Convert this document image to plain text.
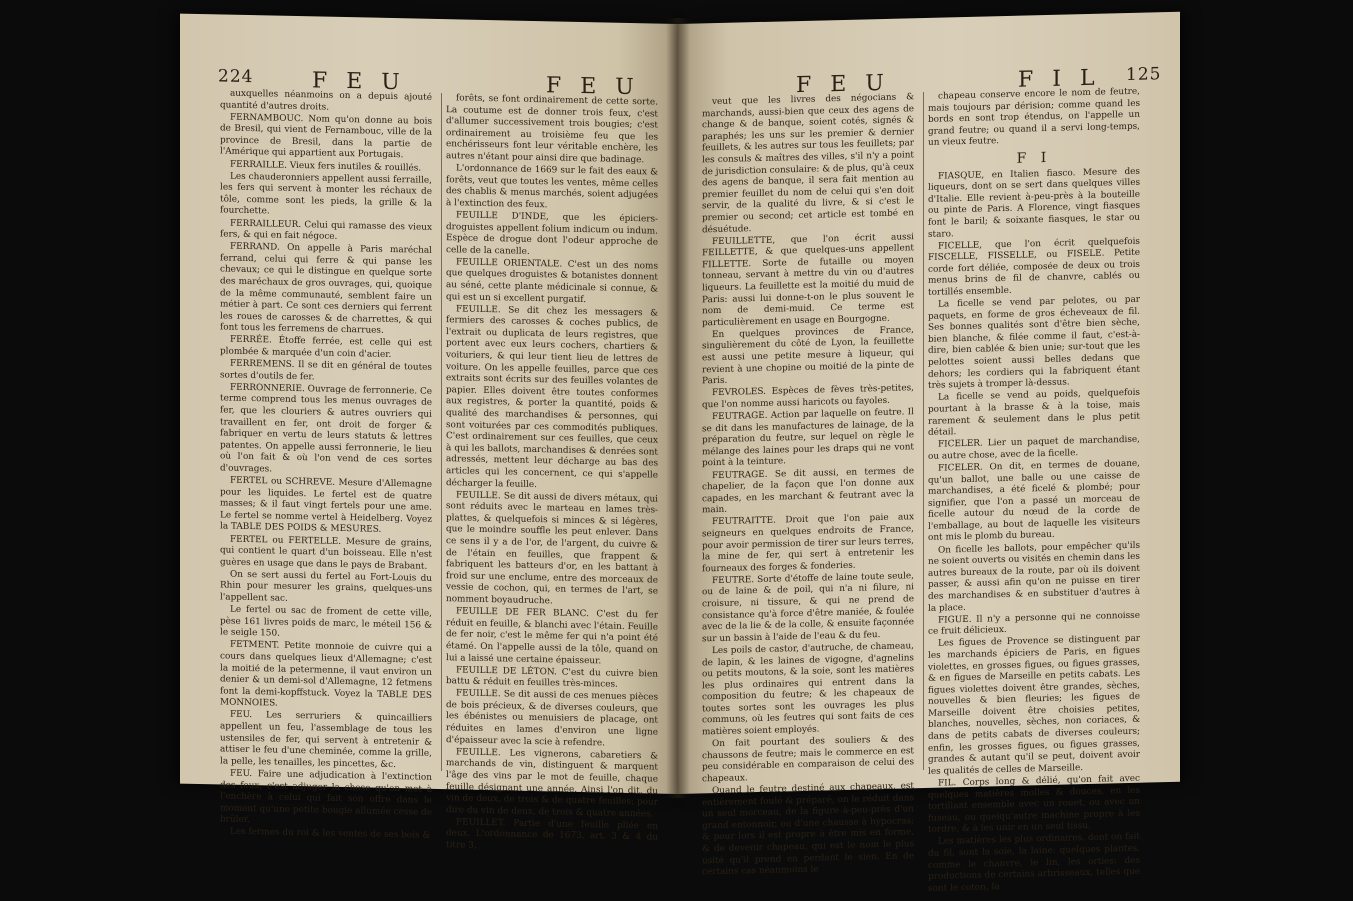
224	F E U	F E U

auxquelles néanmoins on a depuis ajouté quantité d'autres droits.

FERNAMBOUC. Nom qu'on donne au bois de Bresil, qui vient de Fernambouc, ville de la province de Bresil, dans la partie de l'Amérique qui appartient aux Portugais.

FERRAILLE. Vieux fers inutiles & rouillés.

Les chauderonniers appellent aussi ferraille, les fers qui servent à monter les réchaux de tôle, comme sont les pieds, la grille & la fourchette.

FERRAILLEUR. Celui qui ramasse des vieux fers, & qui en fait négoce.

FERRAND. On appelle à Paris maréchal ferrand, celui qui ferre & qui panse les chevaux; ce qui le distingue en quelque sorte des maréchaux de gros ouvrages, qui, quoique de la même communauté, semblent faire un métier à part. Ce sont ces derniers qui ferrent les roues de carosses & de charrettes, & qui font tous les ferremens de charrues.

FERRÉE. Étoffe ferrée, est celle qui est plombée & marquée d'un coin d'acier.

FERREMENS. Il se dit en général de toutes sortes d'outils de fer.

FERRONNERIE. Ouvrage de ferronnerie. Ce terme comprend tous les menus ouvrages de fer, que les clouriers & autres ouvriers qui travaillent en fer, ont droit de forger & fabriquer en vertu de leurs statuts & lettres patentes. On appelle aussi ferronnerie, le lieu où l'on fait & où l'on vend de ces sortes d'ouvrages.

FERTEL ou SCHREVE. Mesure d'Allemagne pour les liquides. Le fertel est de quatre masses; & il faut vingt fertels pour une ame. Le fertel se nomme vertel à Heidelberg. Voyez la TABLE DES POIDS & MESURES.

FERTEL ou FERTELLE. Mesure de grains, qui contient le quart d'un boisseau. Elle n'est guères en usage que dans le pays de Brabant.

On se sert aussi du fertel au Fort-Louis du Rhin pour mesurer les grains, quelques-uns l'appellent sac.

Le fertel ou sac de froment de cette ville, pèse 161 livres poids de marc, le méteil 156 & le seigle 150.

FETMENT. Petite monnoie de cuivre qui a cours dans quelques lieux d'Allemagne; c'est la moitié de la petermenne, il vaut environ un denier & un demi-sol d'Allemagne, 12 fetmens font la demi-kopffstuck. Voyez la TABLE DES MONNOIES.

FEU. Les serruriers & quincailliers appellent un feu, l'assemblage de tous les ustensiles de fer, qui servent à entretenir & attiser le feu d'une cheminée, comme la grille, la pelle, les tenailles, les pincettes, &c.

FEU. Faire une adjudication à l'extinction des feux, c'est adjuger la chose qu'on met à l'enchère à celui qui fait son offre dans le moment qu'une petite bougie allumée cesse de brûler.

Les fermes du roi & les ventes de ses bois &

forêts, se font ordinairement de cette sorte. La coutume est de donner trois feux, c'est d'allumer successivement trois bougies; c'est ordinairement au troisième feu que les enchérisseurs font leur véritable enchère, les autres n'étant pour ainsi dire que badinage.

L'ordonnance de 1669 sur le fait des eaux & forêts, veut que toutes les ventes, même celles des chablis & menus marchés, soient adjugées à l'extinction des feux.

FEUILLE D'INDE, que les épiciers-droguistes appellent folium indicum ou indum. Espèce de drogue dont l'odeur approche de celle de la canelle.

FEUILLE ORIENTALE. C'est un des noms que quelques droguistes & botanistes donnent au séné, cette plante médicinale si connue, & qui est un si excellent purgatif.

FEUILLE. Se dit chez les messagers & fermiers des carosses & coches publics, de l'extrait ou duplicata de leurs registres, que portent avec eux leurs cochers, chartiers & voituriers, & qui leur tient lieu de lettres de voiture. On les appelle feuilles, parce que ces extraits sont écrits sur des feuilles volantes de papier. Elles doivent être toutes conformes aux registres, & porter la quantité, poids & qualité des marchandises & personnes, qui sont voiturées par ces commodités publiques. C'est ordinairement sur ces feuilles, que ceux à qui les ballots, marchandises & denrées sont adressés, mettent leur décharge au bas des articles qui les concernent, ce qui s'appelle décharger la feuille.

FEUILLE. Se dit aussi de divers métaux, qui sont réduits avec le marteau en lames très-plattes, & quelquefois si minces & si légères, que le moindre souffle les peut enlever. Dans ce sens il y a de l'or, de l'argent, du cuivre & de l'étain en feuilles, que frappent & fabriquent les batteurs d'or, en les battant à froid sur une enclume, entre des morceaux de vessie de cochon, qui, en termes de l'art, se nomment boyaudruche.

FEUILLE DE FER BLANC. C'est du fer réduit en feuille, & blanchi avec l'étain. Feuille de fer noir, c'est le même fer qui n'a point été étamé. On l'appelle aussi de la tôle, quand on lui a laissé une certaine épaisseur.

FEUILLE DE LÉTON. C'est du cuivre bien battu & réduit en feuilles très-minces.

FEUILLE. Se dit aussi de ces menues pièces de bois précieux, & de diverses couleurs, que les ébénistes ou menuisiers de placage, ont réduites en lames d'environ une ligne d'épaisseur avec la scie à refendre.

FEUILLE. Les vignerons, cabaretiers & marchands de vin, distinguent & marquent l'âge des vins par le mot de feuille, chaque feuille désignant une année. Ainsi l'on dit, du vin de deux, de trois & de quatre feuilles; pour dire du vin de deux, de trois & quatre années.

FEUILLET. Partie d'une feuille pliée en deux. L'ordonnance de 1673, art. 3 & 4 du titre 3,

F E U	F I L 125

veut que les livres des négocians & marchands, aussi-bien que ceux des agens de change & de banque, soient cotés, signés & paraphés; les uns sur les premier & dernier feuillets, & les autres sur tous les feuillets; par les consuls & maîtres des villes, s'il n'y a point de jurisdiction consulaire: & de plus, qu'à ceux des agens de banque, il sera fait mention au premier feuillet du nom de celui qui s'en doit servir, de la qualité du livre, & si c'est le premier ou second; cet article est tombé en désuétude.

FEUILLETTE, que l'on écrit aussi FEILLETTE, & que quelques-uns appellent FILLETTE. Sorte de futaille ou moyen tonneau, servant à mettre du vin ou d'autres liqueurs. La feuillette est la moitié du muid de Paris: aussi lui donne-t-on le plus souvent le nom de demi-muid. Ce terme est particulièrement en usage en Bourgogne.

En quelques provinces de France, singulièrement du côté de Lyon, la feuillette est aussi une petite mesure à liqueur, qui revient à une chopine ou moitié de la pinte de Paris.

FEVROLES. Espèces de fèves très-petites, que l'on nomme aussi haricots ou fayoles.

FEUTRAGE. Action par laquelle on feutre. Il se dit dans les manufactures de lainage, de la préparation du feutre, sur lequel on règle le mélange des laines pour les draps qui ne vont point à la teinture.

FEUTRAGE. Se dit aussi, en termes de chapelier, de la façon que l'on donne aux capades, en les marchant & feutrant avec la main.

FEUTRAITTE. Droit que l'on paie aux seigneurs en quelques endroits de France, pour avoir permission de tirer sur leurs terres, la mine de fer, qui sert à entretenir les fourneaux des forges & fonderies.

FEUTRE. Sorte d'étoffe de laine toute seule, ou de laine & de poil, qui n'a ni filure, ni croisure, ni tissure, & qui ne prend de consistance qu'à force d'être maniée, & foulée avec de la lie & de la colle, & ensuite façonnée sur un bassin à l'aide de l'eau & du feu.

Les poils de castor, d'autruche, de chameau, de lapin, & les laines de vigogne, d'agnelins ou petits moutons, & la soie, sont les matières les plus ordinaires qui entrent dans la composition du feutre; & les chapeaux de toutes sortes sont les ouvrages les plus communs, où les feutres qui sont faits de ces matières soient employés.

On fait pourtant des souliers & des chaussons de feutre; mais le commerce en est peu considérable en comparaison de celui des chapeaux.

Quand le feutre destiné aux chapeaux, est entièrement foulé & préparé, on le réduit dans un seul morceau, de la figure à-peu-près d'un grand entonnoir, ou d'une chausse à hypocras; & pour lors il est propre à être mis en forme, & de devenir chapeau, qui est le nom le plus usité qu'il prend en perdant le sien. En de certains cas néanmoins le

chapeau conserve encore le nom de feutre, mais toujours par dérision; comme quand les bords en sont trop étendus, on l'appelle un grand feutre; ou quand il a servi long-temps, un vieux feutre.

F I

FIASQUE, en Italien fiasco. Mesure des liqueurs, dont on se sert dans quelques villes d'Italie. Elle revient à-peu-près à la bouteille ou pinte de Paris. A Florence, vingt fiasques font le baril; & soixante fiasques, le star ou staro.

FICELLE, que l'on écrit quelquefois FISCELLE, FISSELLE, ou FISELE. Petite corde fort déliée, composée de deux ou trois menus brins de fil de chanvre, cablés ou tortillés ensemble.

La ficelle se vend par pelotes, ou par paquets, en forme de gros écheveaux de fil. Ses bonnes qualités sont d'être bien sèche, bien blanche, & filée comme il faut, c'est-à-dire, bien cablée & bien unie; sur-tout que les pelottes soient aussi belles dedans que dehors; les cordiers qui la fabriquent étant très sujets à tromper là-dessus.

La ficelle se vend au poids, quelquefois pourtant à la brasse & à la toise, mais rarement & seulement dans le plus petit détail.

FICELER. Lier un paquet de marchandise, ou autre chose, avec de la ficelle.

FICELER. On dit, en termes de douane, qu'un ballot, une balle ou une caisse de marchandises, a été ficelé & plombé; pour signifier, que l'on a passé un morceau de ficelle autour du nœud de la corde de l'emballage, au bout de laquelle les visiteurs ont mis le plomb du bureau.

On ficelle les ballots, pour empêcher qu'ils ne soient ouverts ou visités en chemin dans les autres bureaux de la route, par où ils doivent passer, & aussi afin qu'on ne puisse en tirer des marchandises & en substituer d'autres à la place.

FIGUE. Il n'y a personne qui ne connoisse ce fruit délicieux.

Les figues de Provence se distinguent par les marchands épiciers de Paris, en figues violettes, en grosses figues, ou figues grasses, & en figues de Marseille en petits cabats. Les figues violettes doivent être grandes, sèches, nouvelles & bien fleuries; les figues de Marseille doivent être choisies petites, blanches, nouvelles, sèches, non coriaces, & dans de petits cabats de diverses couleurs; enfin, les grosses figues, ou figues grasses, grandes & autant qu'il se peut, doivent avoir les qualités de celles de Marseille.

FIL. Corps long & délié, qu'on fait avec quelques matières molles & douces, en les tortillant ensemble avec un rouet, ou avec un fuseau, ou quelqu'autre machine propre à les tordre, & à les unir en un seul tissu.

Les matières les plus ordinaires, dont on fait du fil, sont la soie, la laine: quelques plantes, comme le chanvre, le lin, les orties: des productions de certains arbrisseaux, telles que sont le coton, la
